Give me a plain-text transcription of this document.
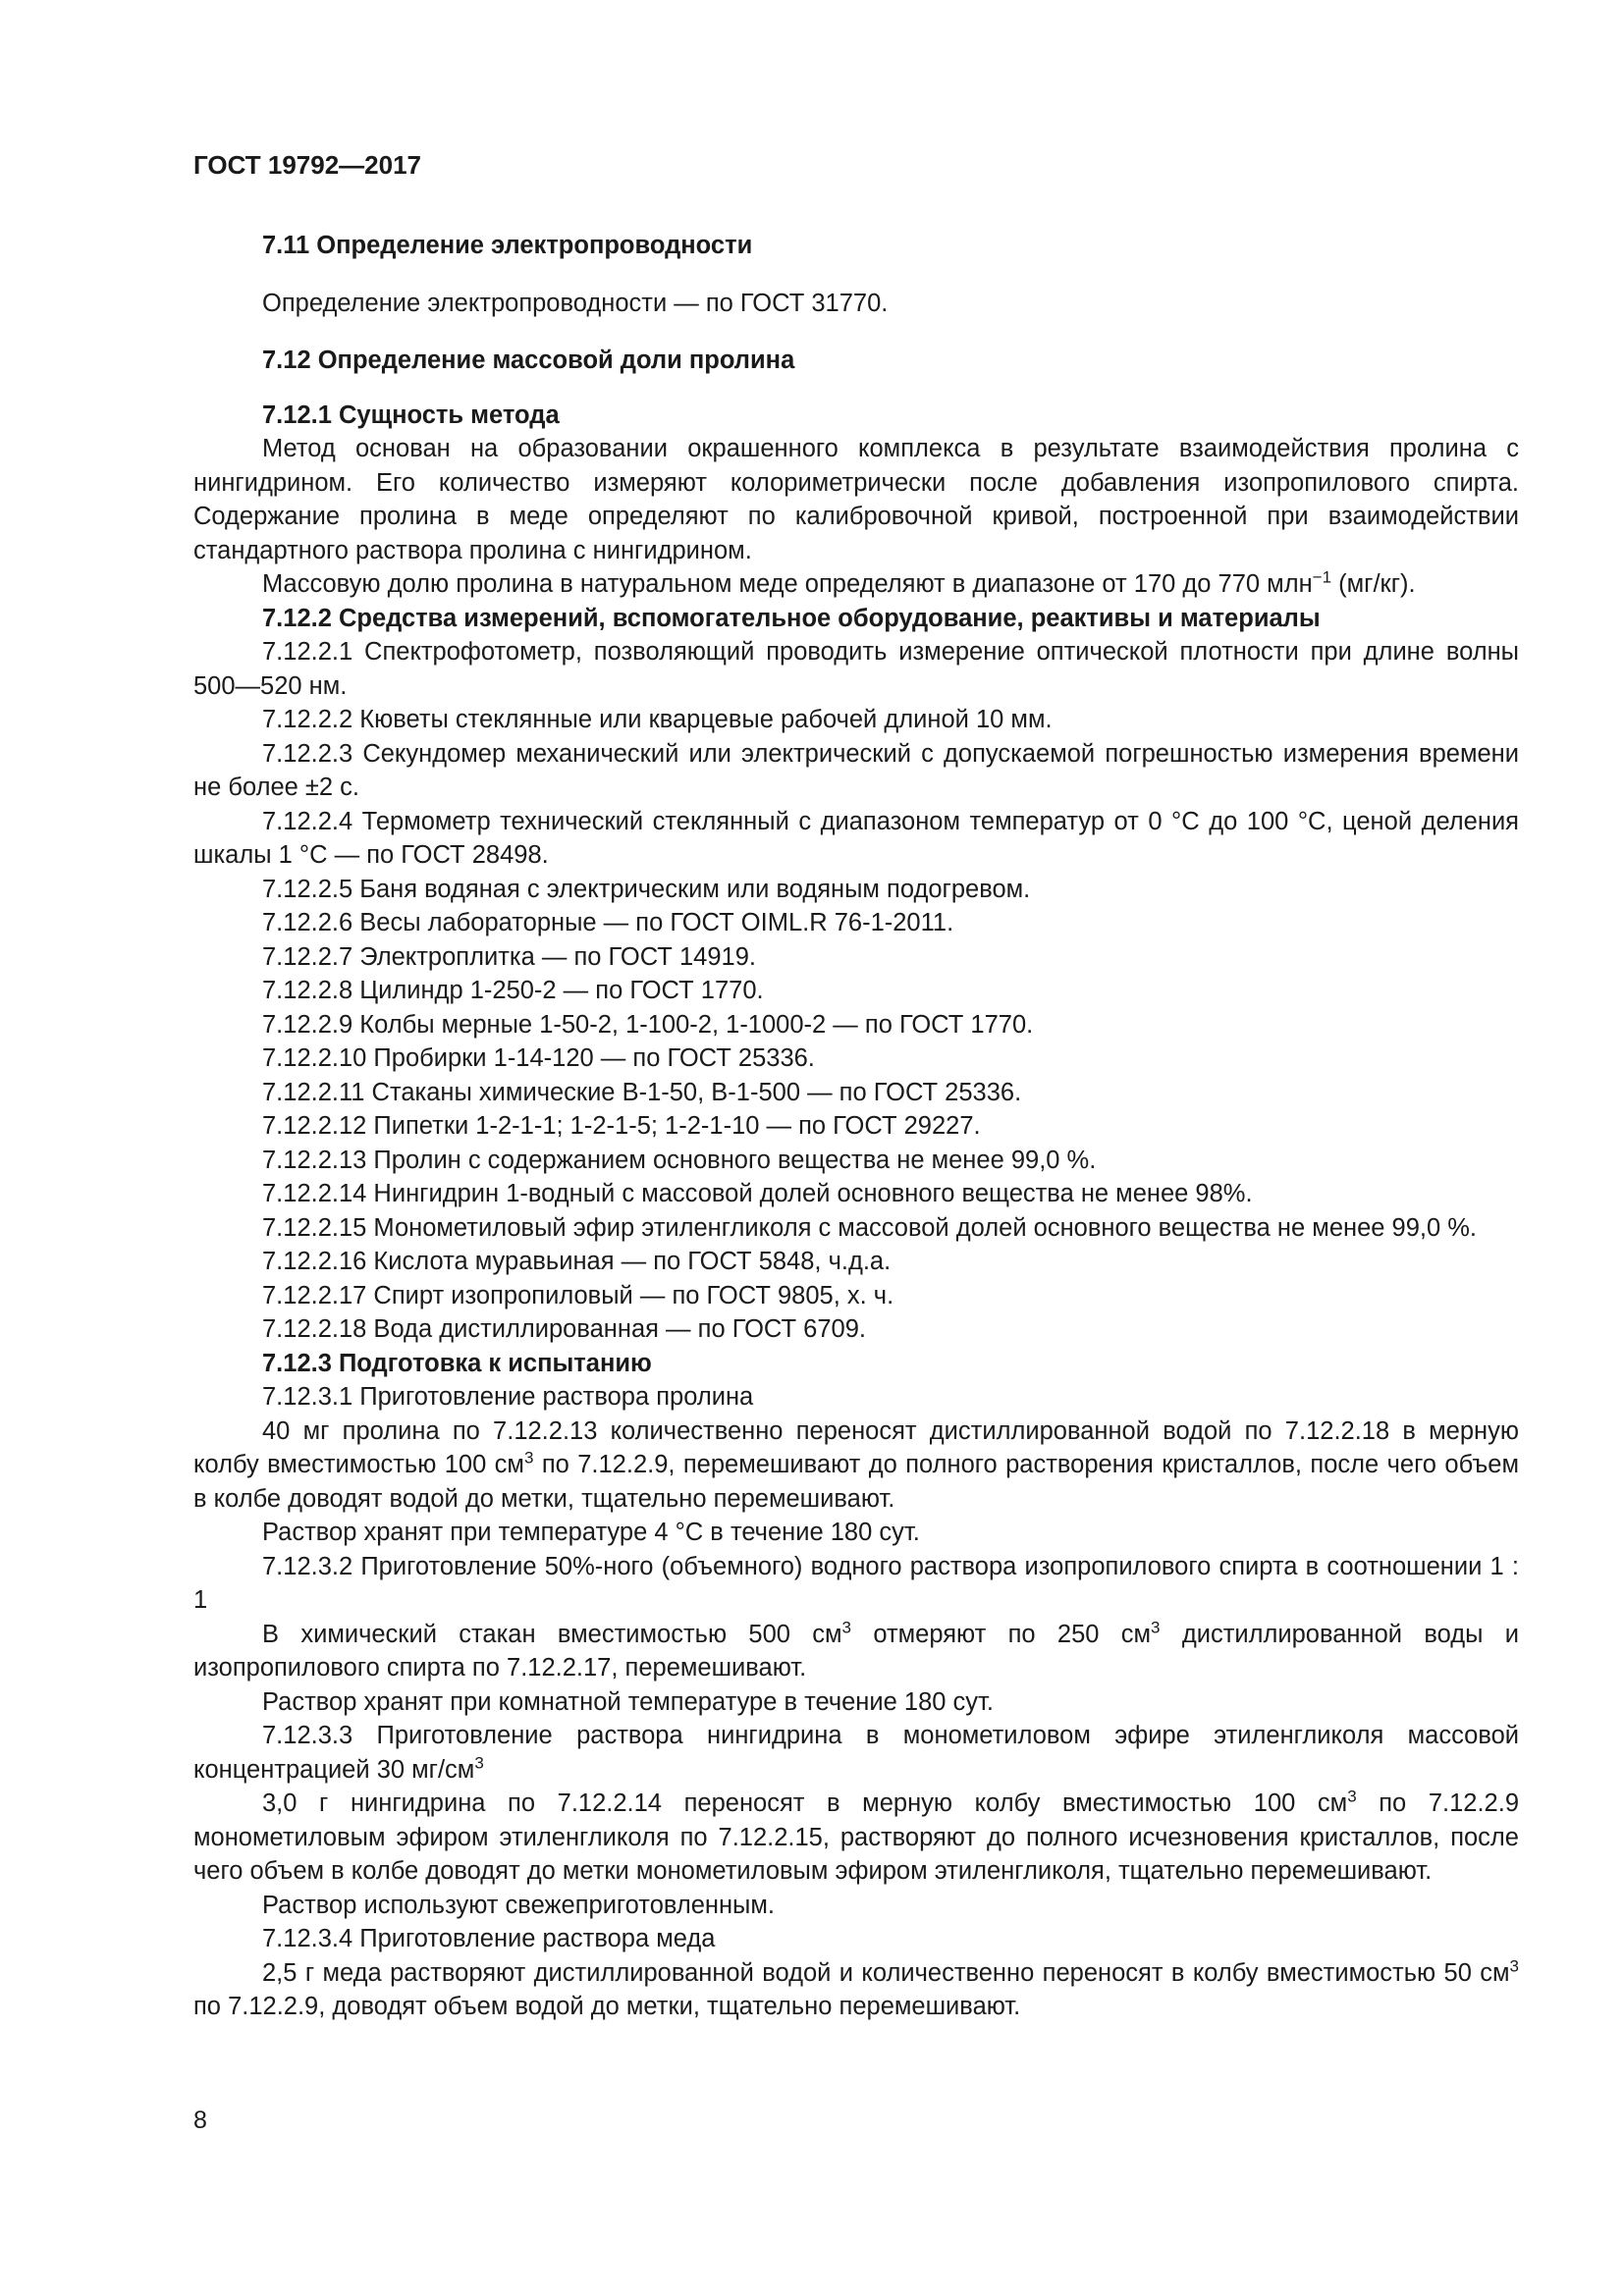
ГОСТ 19792—2017

7.11 Определение электропроводности

Определение электропроводности — по ГОСТ 31770.

7.12 Определение массовой доли пролина

7.12.1 Сущность метода

Метод основан на образовании окрашенного комплекса в результате взаимодействия пролина с нингидрином. Его количество измеряют колориметрически после добавления изопропилового спирта. Содержание пролина в меде определяют по калибровочной кривой, построенной при взаимодействии стандартного раствора пролина с нингидрином.

Массовую долю пролина в натуральном меде определяют в диапазоне от 170 до 770 млн$^{-1}$ (мг/кг).

7.12.2 Средства измерений, вспомогательное оборудование, реактивы и материалы

7.12.2.1 Спектрофотометр, позволяющий проводить измерение оптической плотности при длине волны 500—520 нм.

7.12.2.2 Кюветы стеклянные или кварцевые рабочей длиной 10 мм.

7.12.2.3 Секундомер механический или электрический с допускаемой погрешностью измерения времени не более ±2 с.

7.12.2.4 Термометр технический стеклянный с диапазоном температур от 0 °С до 100 °С, ценой деления шкалы 1 °С — по ГОСТ 28498.

7.12.2.5 Баня водяная с электрическим или водяным подогревом.

7.12.2.6 Весы лабораторные — по ГОСТ OIML.R 76-1-2011.

7.12.2.7 Электроплитка — по ГОСТ 14919.

7.12.2.8 Цилиндр 1-250-2 — по ГОСТ 1770.

7.12.2.9 Колбы мерные 1-50-2, 1-100-2, 1-1000-2 — по ГОСТ 1770.

7.12.2.10 Пробирки 1-14-120 — по ГОСТ 25336.

7.12.2.11 Стаканы химические В-1-50, В-1-500 — по ГОСТ 25336.

7.12.2.12 Пипетки 1-2-1-1; 1-2-1-5; 1-2-1-10 — по ГОСТ 29227.

7.12.2.13 Пролин с содержанием основного вещества не менее 99,0 %.

7.12.2.14 Нингидрин 1-водный с массовой долей основного вещества не менее 98%.

7.12.2.15 Монометиловый эфир этиленгликоля с массовой долей основного вещества не менее 99,0 %.

7.12.2.16 Кислота муравьиная — по ГОСТ 5848, ч.д.а.

7.12.2.17 Спирт изопропиловый — по ГОСТ 9805, х. ч.

7.12.2.18 Вода дистиллированная — по ГОСТ 6709.

7.12.3 Подготовка к испытанию

7.12.3.1 Приготовление раствора пролина

40 мг пролина по 7.12.2.13 количественно переносят дистиллированной водой по 7.12.2.18 в мерную колбу вместимостью 100 $см^3$ по 7.12.2.9, перемешивают до полного растворения кристаллов, после чего объем в колбе доводят водой до метки, тщательно перемешивают.

Раствор хранят при температуре 4 °С в течение 180 сут.

7.12.3.2 Приготовление 50%-ного (объемного) водного раствора изопропилового спирта в соотношении 1 : 1

В химический стакан вместимостью 500 $см^3$ отмеряют по 250 $см^3$ дистиллированной воды и изопропилового спирта по 7.12.2.17, перемешивают.

Раствор хранят при комнатной температуре в течение 180 сут.

7.12.3.3 Приготовление раствора нингидрина в монометиловом эфире этиленгликоля массовой концентрацией 30 $мг/см^3$

3,0 г нингидрина по 7.12.2.14 переносят в мерную колбу вместимостью 100 $см^3$ по 7.12.2.9 монометиловым эфиром этиленгликоля по 7.12.2.15, растворяют до полного исчезновения кристаллов, после чего объем в колбе доводят до метки монометиловым эфиром этиленгликоля, тщательно перемешивают.

Раствор используют свежеприготовленным.

7.12.3.4 Приготовление раствора меда

2,5 г меда растворяют дистиллированной водой и количественно переносят в колбу вместимостью 50 $см^3$ по 7.12.2.9, доводят объем водой до метки, тщательно перемешивают.

8
